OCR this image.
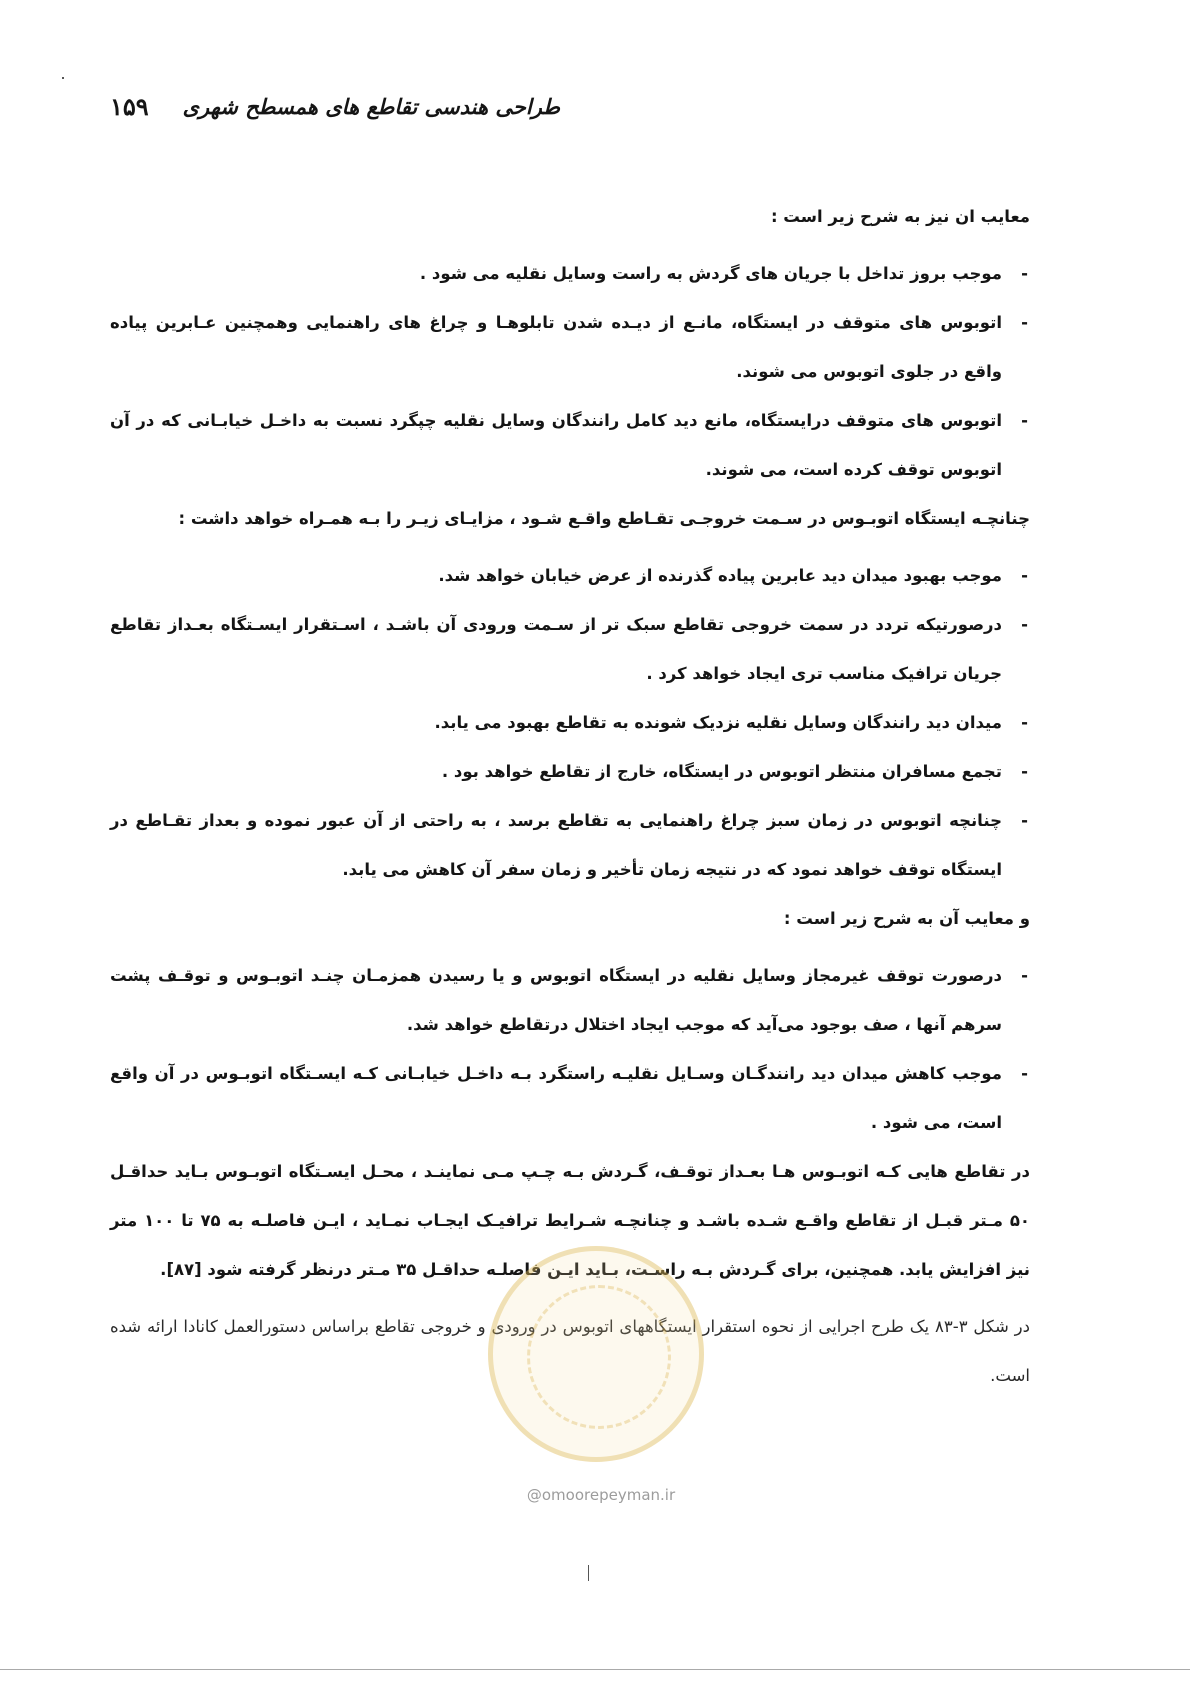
طراحی هندسی تقاطع های همسطح شهری
۱۵۹

معایب ان نیز به شرح زیر است :

- موجب بروز تداخل با جریان های گردش به راست وسایل نقلیه می شود .

- اتوبوس های متوقف در ایستگاه، مانـع از دیـده شدن تابلوهـا و چراغ های راهنمایی وهمچنین عـابرین پیاده واقع در جلوی اتوبوس می شوند.

- اتوبوس های متوقف درایستگاه، مانع دید کامل رانندگان وسایل نقلیه چپگرد نسبت به داخـل خیابـانی که در آن اتوبوس توقف کرده است، می شوند.

چنانچـه ایستگاه اتوبـوس در سـمت خروجـی تقـاطع واقـع شـود ، مزایـای زیـر را بـه همـراه خواهد داشت :

- موجب بهبود میدان دید عابرین پیاده گذرنده از عرض خیابان خواهد شد.

- درصورتیکه تردد در سمت خروجی تقاطع سبک تر از سـمت ورودی آن باشـد ، اسـتقرار ایسـتگاه بعـداز تقاطع جریان ترافیک مناسب تری ایجاد خواهد کرد .

- میدان دید رانندگان وسایل نقلیه نزدیک شونده به تقاطع بهبود می یابد.

- تجمع مسافران منتظر اتوبوس در ایستگاه، خارج از تقاطع خواهد بود .

- چنانچه اتوبوس در زمان سبز چراغ راهنمایی به تقاطع برسد ، به راحتی از آن عبور نموده و بعداز تقـاطع در ایستگاه توقف خواهد نمود که در نتیجه زمان تأخیر و زمان سفر آن کاهش می یابد.

و معایب آن به شرح زیر است :

- درصورت توقف غیرمجاز وسایل نقلیه در ایستگاه اتوبوس و یا رسیدن همزمـان چنـد اتوبـوس و توقـف پشت سرهم آنها ، صف بوجود می‌آید که موجب ایجاد اختلال درتقاطع خواهد شد.

- موجب کاهش میدان دید رانندگـان وسـایل نقلیـه راستگرد بـه داخـل خیابـانی کـه ایسـتگاه اتوبـوس در آن واقع است، می شود .

در تقاطع هایی کـه اتوبـوس هـا بعـداز توقـف، گـردش بـه چـپ مـی نماینـد ، محـل ایسـتگاه اتوبـوس بـاید حداقـل ۵۰ مـتر قبـل از تقاطع واقـع شـده باشـد و چنانچـه شـرایط ترافیـک ایجـاب نمـاید ، ایـن فاصلـه به ۷۵ تا ۱۰۰ متر نیز افزایش یابد. همچنین، برای گـردش بـه راسـت، بـاید ایـن فاصلـه حداقـل ۳۵ مـتر درنظر گرفته شود [۸۷].

در شکل ۳-۸۳ یک طرح اجرایی از نحوه استقرار ایستگاههای اتوبوس در ورودی و خروجی تقاطع براساس دستورالعمل کانادا ارائه شده است.

@omoorepeyman.ir
